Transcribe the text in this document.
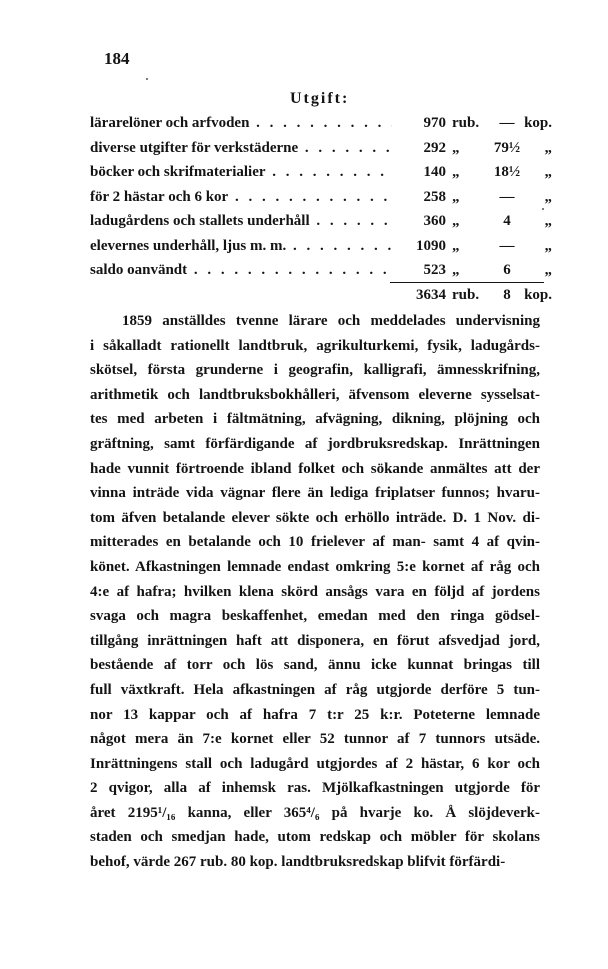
184
Utgift:
lärarelöner och arfvoden . . .	970 rub.	— kop.
diverse utgifter för verkstäderne . . .	292 „	79½	„
böcker och skrifmaterialier . . .	140 „	18½	„
för 2 hästar och 6 kor . . .	258 „	—	„
ladugårdens och stallets underhåll . . .	360 „	4	„
elevernes underhåll, ljus m. m. . . .	1090 „	—	„
saldo oanvändt . . .	523 „	6	„
3634 rub.	8 kop.
1859 anställdes tvenne lärare och meddelades undervisning
i såkalladt rationellt landtbruk, agrikulturkemi, fysik, ladugårds-
skötsel, första grunderne i geografin, kalligrafi, ämnesskrifning,
arithmetik och landtbruksbokhålleri, äfvensom eleverne sysselsat-
tes med arbeten i fältmätning, afvägning, dikning, plöjning och
gräftning, samt förfärdigande af jordbruksredskap. Inrättningen
hade vunnit förtroende ibland folket och sökande anmältes att der
vinna inträde vida vägnar flere än lediga friplatser funnos; hvaru-
tom äfven betalande elever sökte och erhöllo inträde. D. 1 Nov. di-
mitterades en betalande och 10 frielever af man- samt 4 af qvin-
könet. Afkastningen lemnade endast omkring 5:e kornet af råg och
4:e af hafra; hvilken klena skörd ansågs vara en följd af jordens
svaga och magra beskaffenhet, emedan med den ringa gödsel-
tillgång inrättningen haft att disponera, en förut afsvedjad jord,
bestående af torr och lös sand, ännu icke kunnat bringas till
full växtkraft. Hela afkastningen af råg utgjorde derföre 5 tun-
nor 13 kappar och af hafra 7 t:r 25 k:r. Poteterne lemnade
något mera än 7:e kornet eller 52 tunnor af 7 tunnors utsäde.
Inrättningens stall och ladugård utgjordes af 2 hästar, 6 kor och
2 qvigor, alla af inhemsk ras. Mjölkafkastningen utgjorde för
året 2195¹/₁₆ kanna, eller 365⁴/₆ på hvarje ko. Å slöjdeverk-
staden och smedjan hade, utom redskap och möbler för skolans
behof, värde 267 rub. 80 kop. landtbruksredskap blifvit förfärdi-
